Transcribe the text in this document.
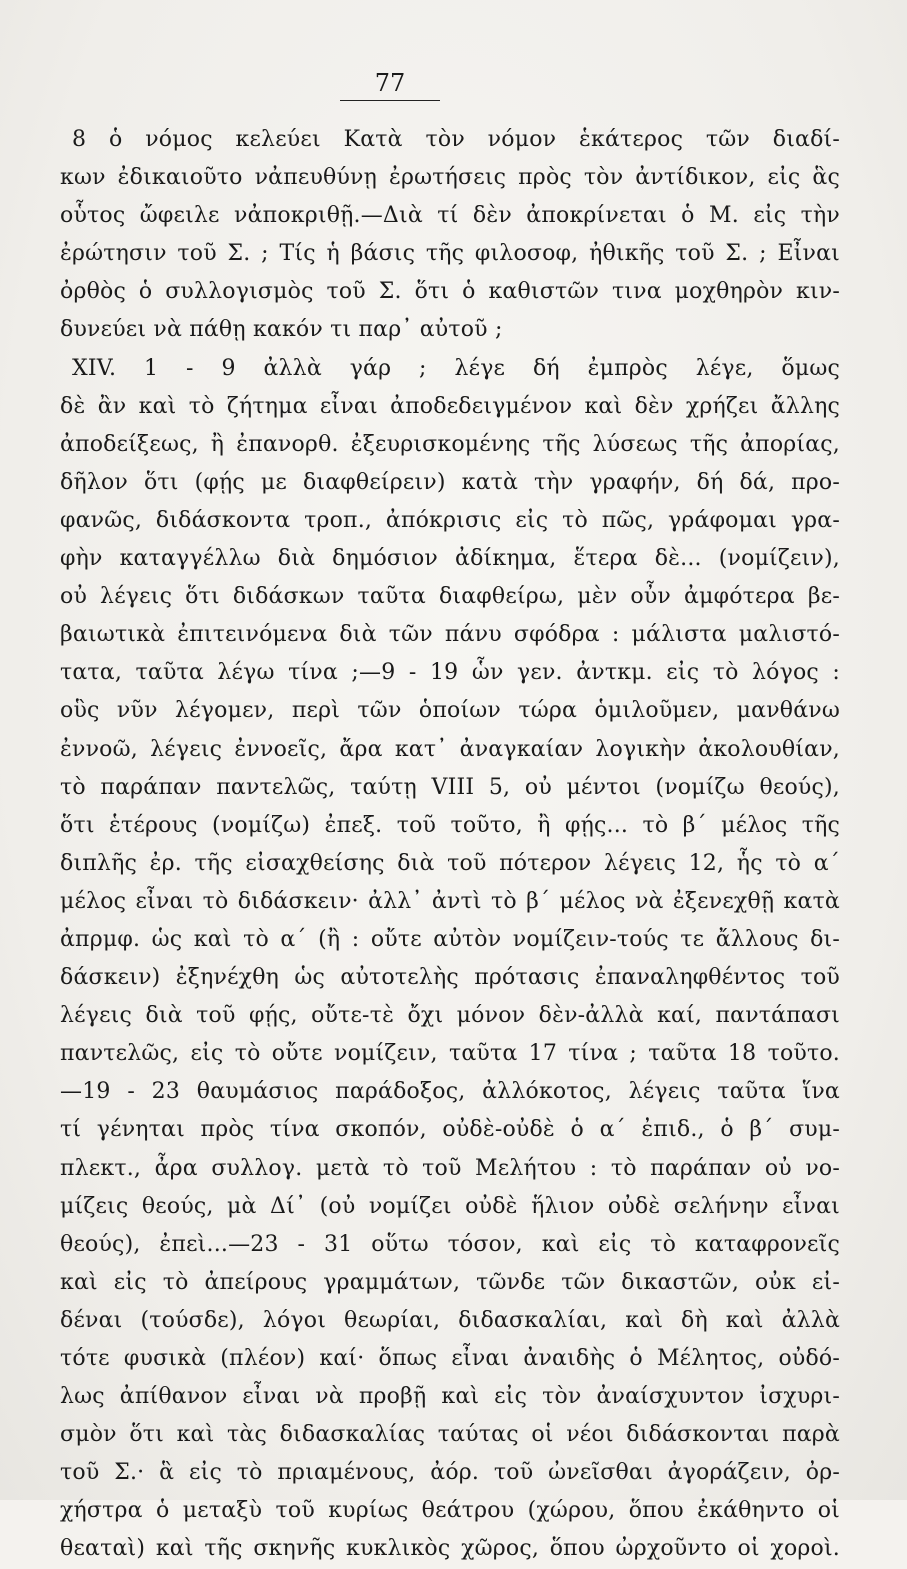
77
8 ὁ νόμος κελεύει Κατὰ τὸν νόμον ἑκάτερος τῶν διαδί-
κων ἐδικαιοῦτο νἀπευθύνῃ ἐρωτήσεις πρὸς τὸν ἀντίδικον, εἰς ἃς
οὗτος ὤφειλε νἀποκριθῇ.—Διὰ τί δὲν ἀποκρίνεται ὁ Μ. εἰς τὴν
ἐρώτησιν τοῦ Σ. ; Τίς ἡ βάσις τῆς φιλοσοφ, ἠθικῆς τοῦ Σ. ; Εἶναι
ὀρθὸς ὁ συλλογισμὸς τοῦ Σ. ὅτι ὁ καθιστῶν τινα μοχθηρὸν κιν-
δυνεύει νὰ πάθῃ κακόν τι παρ᾽ αὐτοῦ ;
XIV. 1 - 9 ἀλλὰ γάρ ; λέγε δή ἐμπρὸς λέγε, ὅμως
δὲ ἂν καὶ τὸ ζήτημα εἶναι ἀποδεδειγμένον καὶ δὲν χρήζει ἄλλης
ἀποδείξεως, ἢ ἐπανορθ. ἐξευρισκομένης τῆς λύσεως τῆς ἀπορίας,
δῆλον ὅτι (φῄς με διαφθείρειν) κατὰ τὴν γραφήν, δή δά, προ-
φανῶς, διδάσκοντα τροπ., ἀπόκρισις εἰς τὸ πῶς, γράφομαι γρα-
φὴν καταγγέλλω διὰ δημόσιον ἀδίκημα, ἕτερα δὲ... (νομίζειν),
οὐ λέγεις ὅτι διδάσκων ταῦτα διαφθείρω, μὲν οὖν ἀμφότερα βε-
βαιωτικὰ ἐπιτεινόμενα διὰ τῶν πάνυ σφόδρα : μάλιστα μαλιστό-
τατα, ταῦτα λέγω τίνα ;—9 - 19 ὧν γεν. ἀντκμ. εἰς τὸ λόγος :
οὓς νῦν λέγομεν, περὶ τῶν ὁποίων τώρα ὁμιλοῦμεν, μανθάνω
ἐννοῶ, λέγεις ἐννοεῖς, ἄρα κατ᾽ ἀναγκαίαν λογικὴν ἀκολουθίαν,
τὸ παράπαν παντελῶς, ταύτῃ VIII 5, οὐ μέντοι (νομίζω θεούς),
ὅτι ἑτέρους (νομίζω) ἐπεξ. τοῦ τοῦτο, ἢ φῄς... τὸ β΄ μέλος τῆς
διπλῆς ἐρ. τῆς εἰσαχθείσης διὰ τοῦ πότερον λέγεις 12, ἧς τὸ α΄
μέλος εἶναι τὸ διδάσκειν· ἀλλ᾽ ἀντὶ τὸ β΄ μέλος νὰ ἐξενεχθῇ κατὰ
ἀπρμφ. ὡς καὶ τὸ α΄ (ἢ : οὔτε αὐτὸν νομίζειν-τούς τε ἄλλους δι-
δάσκειν) ἐξηνέχθη ὡς αὐτοτελὴς πρότασις ἐπαναληφθέντος τοῦ
λέγεις διὰ τοῦ φῄς, οὔτε-τὲ ὄχι μόνον δὲν-ἀλλὰ καί, παντάπασι
παντελῶς, εἰς τὸ οὔτε νομίζειν, ταῦτα 17 τίνα ; ταῦτα 18 τοῦτο.
—19 - 23 θαυμάσιος παράδοξος, ἀλλόκοτος, λέγεις ταῦτα ἵνα
τί γένηται πρὸς τίνα σκοπόν, οὐδὲ-οὐδὲ ὁ α΄ ἐπιδ., ὁ β΄ συμ-
πλεκτ., ἆρα συλλογ. μετὰ τὸ τοῦ Μελήτου : τὸ παράπαν οὐ νο-
μίζεις θεούς, μὰ Δί᾽ (οὐ νομίζει οὐδὲ ἥλιον οὐδὲ σελήνην εἶναι
θεούς), ἐπεὶ...—23 - 31 οὕτω τόσον, καὶ εἰς τὸ καταφρονεῖς
καὶ εἰς τὸ ἀπείρους γραμμάτων, τῶνδε τῶν δικαστῶν, οὐκ εἰ-
δέναι (τούσδε), λόγοι θεωρίαι, διδασκαλίαι, καὶ δὴ καὶ ἀλλὰ
τότε φυσικὰ (πλέον) καί· ὅπως εἶναι ἀναιδὴς ὁ Μέλητος, οὐδό-
λως ἀπίθανον εἶναι νὰ προβῇ καὶ εἰς τὸν ἀναίσχυντον ἰσχυρι-
σμὸν ὅτι καὶ τὰς διδασκαλίας ταύτας οἱ νέοι διδάσκονται παρὰ
τοῦ Σ.· ἃ εἰς τὸ πριαμένους, ἀόρ. τοῦ ὠνεῖσθαι ἀγοράζειν, ὀρ-
χήστρα ὁ μεταξὺ τοῦ κυρίως θεάτρου (χώρου, ὅπου ἐκάθηντο οἱ
θεαταὶ) καὶ τῆς σκηνῆς κυκλικὸς χῶρος, ὅπου ὠρχοῦντο οἱ χοροὶ.
